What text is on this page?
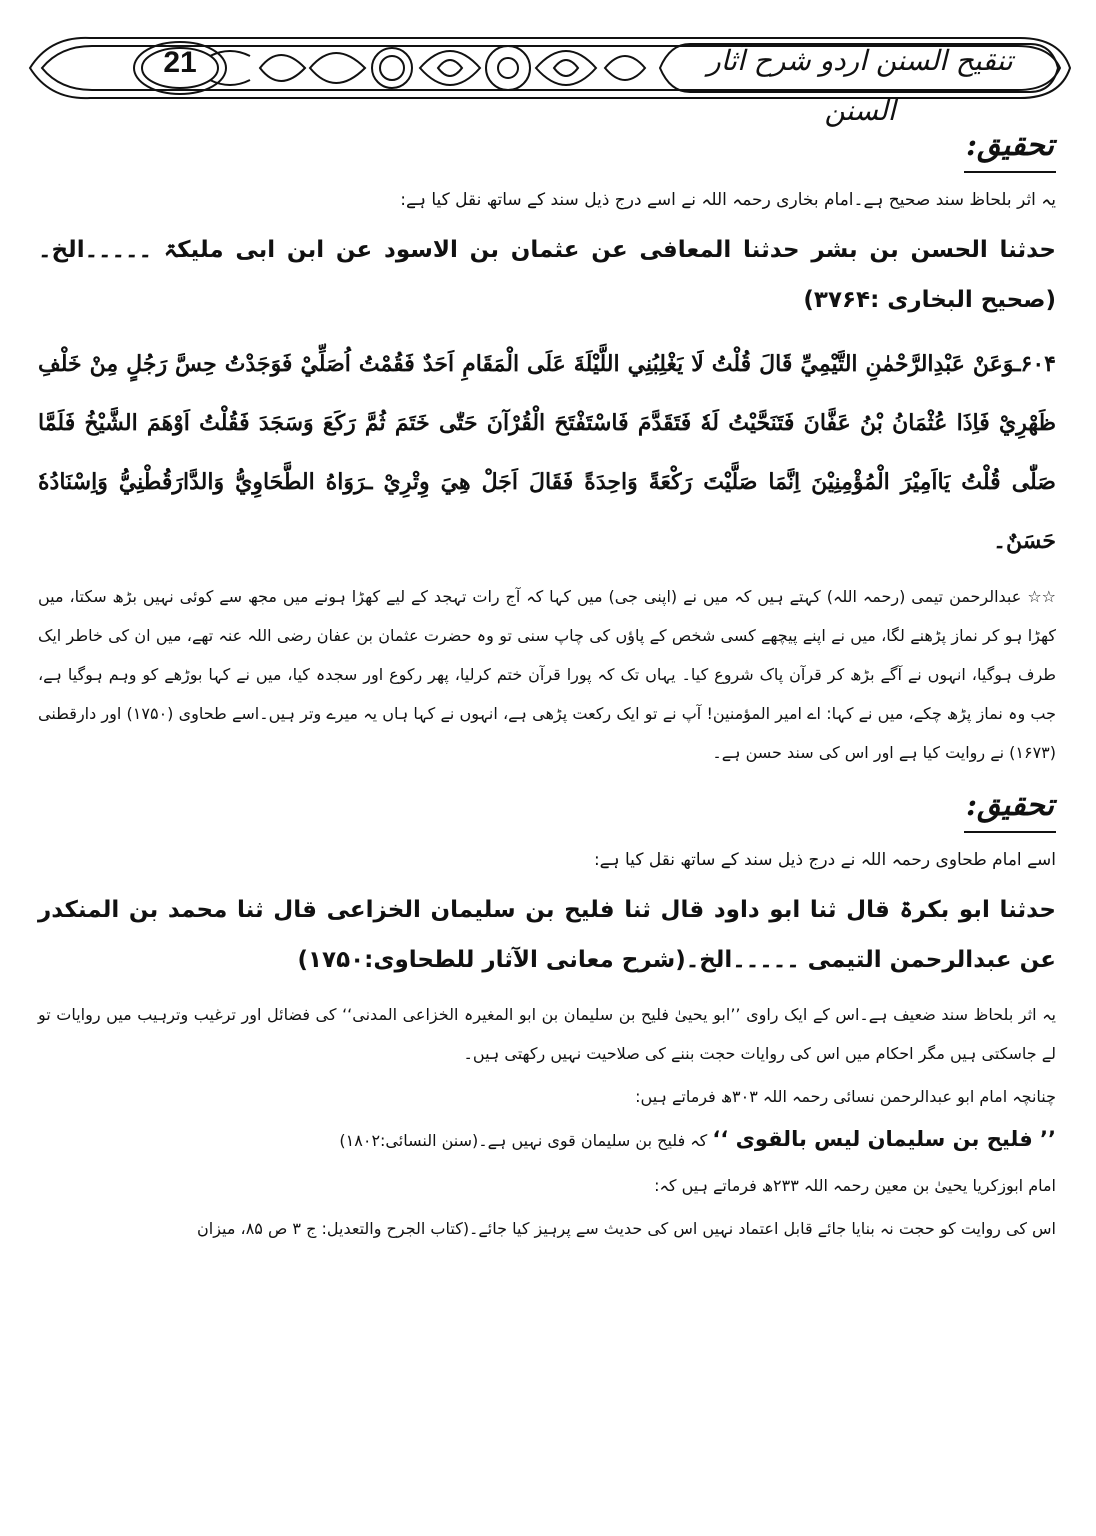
21	تنقیح السنن اردو شرح آثار السنن
تحقیق:
یہ اثر بلحاظ سند صحیح ہے۔امام بخاری رحمہ اللہ نے اسے درج ذیل سند کے ساتھ نقل کیا ہے:
حدثنا الحسن بن بشر حدثنا المعافی عن عثمان بن الاسود عن ابن ابی ملیکۃ ۔۔۔۔۔الخ۔(صحیح البخاری :۳۷۶۴)
۶۰۴ـوَعَنْ عَبْدِالرَّحْمٰنِ التَّيْمِيِّ قَالَ قُلْتُ لَا يَغْلِبُنِي اللَّيْلَةَ عَلَى الْمَقَامِ اَحَدٌ فَقُمْتُ اُصَلِّيْ فَوَجَدْتُ حِسَّ رَجُلٍ مِنْ خَلْفِ ظَهْرِيْ فَاِذَا عُثْمَانُ بْنُ عَفَّانَ فَتَنَحَّيْتُ لَهٗ فَتَقَدَّمَ فَاسْتَفْتَحَ الْقُرْآنَ حَتّٰى خَتَمَ ثُمَّ رَكَعَ وَسَجَدَ فَقُلْتُ اَوْهَمَ الشَّيْخُ فَلَمَّا صَلّٰى قُلْتُ يَااَمِيْرَ الْمُؤْمِنِيْنَ اِنَّمَا صَلَّيْتَ رَكْعَةً وَاحِدَةً فَقَالَ اَجَلْ هِيَ وِتْرِيْ ـرَوَاهُ الطَّحَاوِيُّ وَالدَّارَقُطْنِيُّ وَاِسْنَادُهٗ حَسَنٌ۔
☆☆عبدالرحمن تیمی (رحمہ اللہ) کہتے ہیں کہ میں نے (اپنی جی) میں کہا کہ آج رات تہجد کے لیے کھڑا ہونے میں مجھ سے کوئی نہیں بڑھ سکتا، میں کھڑا ہو کر نماز پڑھنے لگا، میں نے اپنے پیچھے کسی شخص کے پاؤں کی چاپ سنی تو وہ حضرت عثمان بن عفان رضی اللہ عنہ تھے، میں ان کی خاطر ایک طرف ہوگیا، انہوں نے آگے بڑھ کر قرآن پاک شروع کیا۔ یہاں تک کہ پورا قرآن ختم کرلیا، پھر رکوع اور سجدہ کیا، میں نے کہا بوڑھے کو وہم ہوگیا ہے، جب وہ نماز پڑھ چکے، میں نے کہا: اے امیر المؤمنین! آپ نے تو ایک رکعت پڑھی ہے، انہوں نے کہا ہاں یہ میرے وتر ہیں۔اسے طحاوی (۱۷۵۰) اور دارقطنی (۱۶۷۳) نے روایت کیا ہے اور اس کی سند حسن ہے۔
تحقیق:
اسے امام طحاوی رحمہ اللہ نے درج ذیل سند کے ساتھ نقل کیا ہے:
حدثنا ابو بکرۃ قال ثنا ابو داود قال ثنا فلیح بن سلیمان الخزاعی قال ثنا محمد بن المنکدر عن عبدالرحمن التیمی ۔۔۔۔۔الخ۔(شرح معانی الآثار للطحاوی:۱۷۵۰)
یہ اثر بلحاظ سند ضعیف ہے۔اس کے ایک راوی ’’ابو یحییٰ فلیح بن سلیمان بن ابو المغیرہ الخزاعی المدنی‘‘ کی فضائل اور ترغیب وترہیب میں روایات تو لے جاسکتی ہیں مگر احکام میں اس کی روایات حجت بننے کی صلاحیت نہیں رکھتی ہیں۔
چنانچہ امام ابو عبدالرحمن نسائی رحمہ اللہ ۳۰۳ھ فرماتے ہیں:
’’ فلیح بن سلیمان لیس بالقوی ‘‘ کہ فلیح بن سلیمان قوی نہیں ہے۔(سنن النسائی:۱۸۰۲)
امام ابوزکریا یحییٰ بن معین رحمہ اللہ ۲۳۳ھ فرماتے ہیں کہ:
اس کی روایت کو حجت نہ بنایا جائے قابل اعتماد نہیں اس کی حدیث سے پرہیز کیا جائے۔(کتاب الجرح والتعدیل: ج ۳ ص ۸۵، میزان
